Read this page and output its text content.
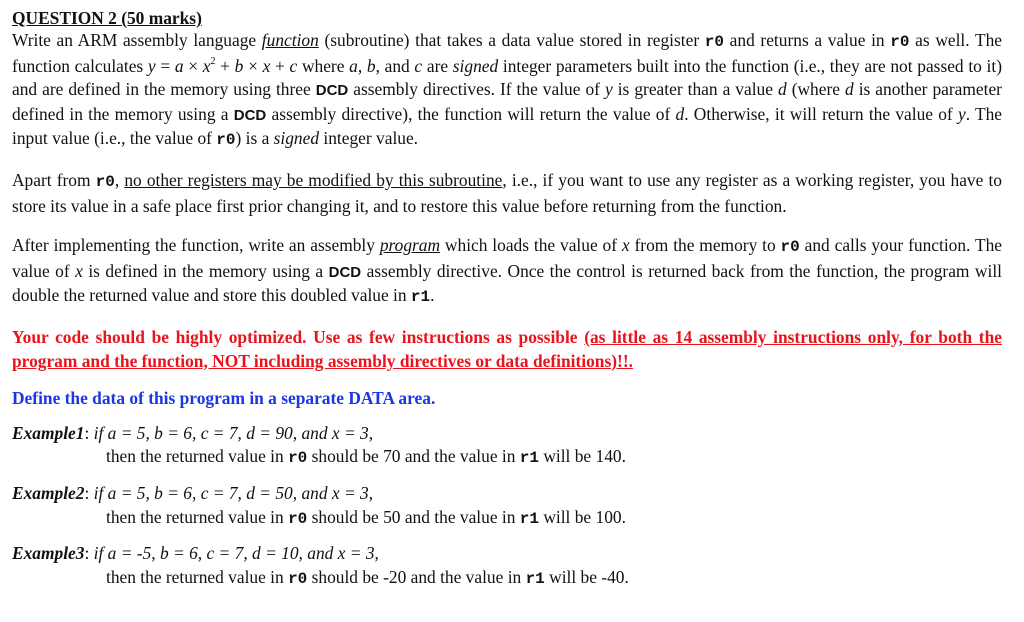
QUESTION 2 (50 marks)

Write an ARM assembly language function (subroutine) that takes a data value stored in register r0 and returns a value in r0 as well. The function calculates $y = a \times x^2 + b \times x + c$ where a, b, and c are signed integer parameters built into the function (i.e., they are not passed to it) and are defined in the memory using three DCD assembly directives. If the value of y is greater than a value d (where d is another parameter defined in the memory using a DCD assembly directive), the function will return the value of d. Otherwise, it will return the value of y. The input value (i.e., the value of r0) is a signed integer value.

Apart from r0, no other registers may be modified by this subroutine, i.e., if you want to use any register as a working register, you have to store its value in a safe place first prior changing it, and to restore this value before returning from the function.

After implementing the function, write an assembly program which loads the value of x from the memory to r0 and calls your function. The value of x is defined in the memory using a DCD assembly directive. Once the control is returned back from the function, the program will double the returned value and store this doubled value in r1.

Your code should be highly optimized. Use as few instructions as possible (as little as 14 assembly instructions only, for both the program and the function, NOT including assembly directives or data definitions)!!.

Define the data of this program in a separate DATA area.

Example1: if a = 5, b = 6, c = 7, d = 90, and x = 3,

then the returned value in r0 should be 70 and the value in r1 will be 140.

Example2: if a = 5, b = 6, c = 7, d = 50, and x = 3,

then the returned value in r0 should be 50 and the value in r1 will be 100.

Example3: if a = -5, b = 6, c = 7, d = 10, and x = 3,

then the returned value in r0 should be -20 and the value in r1 will be -40.
